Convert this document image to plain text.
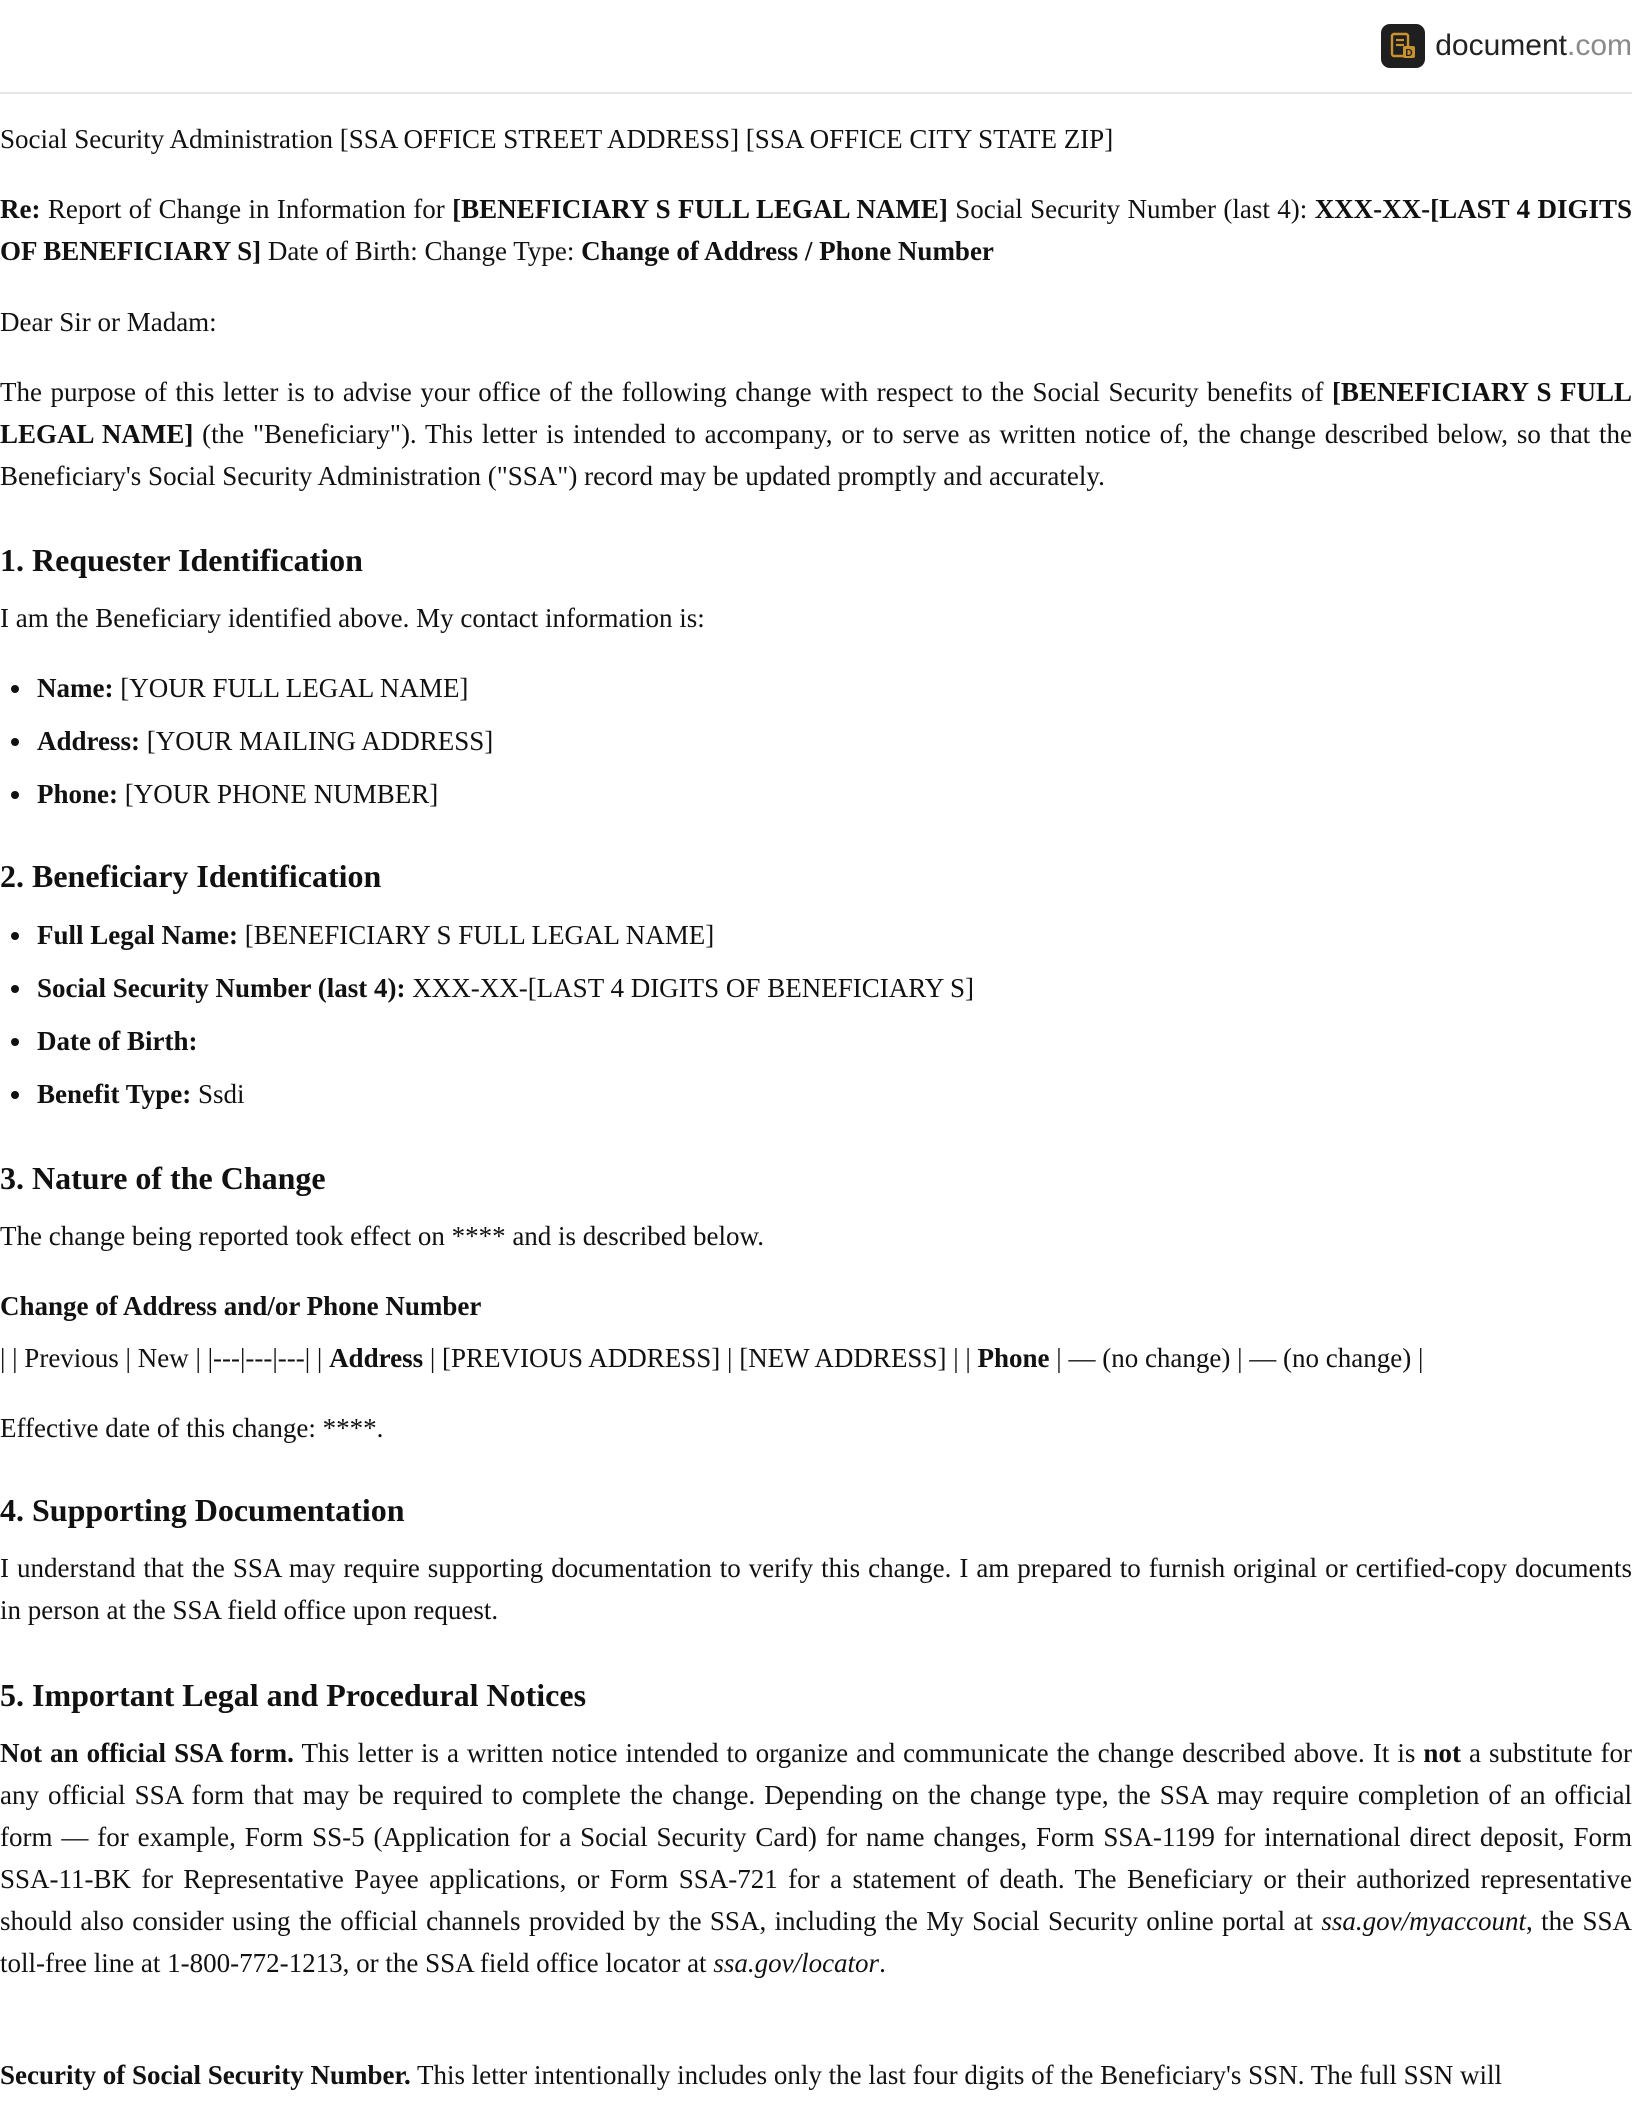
D document.com

Social Security Administration [SSA OFFICE STREET ADDRESS] [SSA OFFICE CITY STATE ZIP]

Re: Report of Change in Information for [BENEFICIARY S FULL LEGAL NAME] Social Security Number (last 4): XXX-XX-[LAST 4 DIGITS OF BENEFICIARY S] Date of Birth: Change Type: Change of Address / Phone Number

Dear Sir or Madam:

The purpose of this letter is to advise your office of the following change with respect to the Social Security benefits of [BENEFICIARY S FULL LEGAL NAME] (the "Beneficiary"). This letter is intended to accompany, or to serve as written notice of, the change described below, so that the Beneficiary's Social Security Administration ("SSA") record may be updated promptly and accurately.

1. Requester Identification

I am the Beneficiary identified above. My contact information is:

Name: [YOUR FULL LEGAL NAME]
Address: [YOUR MAILING ADDRESS]
Phone: [YOUR PHONE NUMBER]
2. Beneficiary Identification
Full Legal Name: [BENEFICIARY S FULL LEGAL NAME]
Social Security Number (last 4): XXX-XX-[LAST 4 DIGITS OF BENEFICIARY S]
Date of Birth:
Benefit Type: Ssdi
3. Nature of the Change

The change being reported took effect on **** and is described below.

Change of Address and/or Phone Number

| | Previous | New | |---|---|---| | Address | [PREVIOUS ADDRESS] | [NEW ADDRESS] | | Phone | — (no change) | — (no change) |

Effective date of this change: ****.

4. Supporting Documentation

I understand that the SSA may require supporting documentation to verify this change. I am prepared to furnish original or certified-copy documents in person at the SSA field office upon request.

5. Important Legal and Procedural Notices

Not an official SSA form. This letter is a written notice intended to organize and communicate the change described above. It is not a substitute for any official SSA form that may be required to complete the change. Depending on the change type, the SSA may require completion of an official form — for example, Form SS-5 (Application for a Social Security Card) for name changes, Form SSA-1199 for international direct deposit, Form SSA-11-BK for Representative Payee applications, or Form SSA-721 for a statement of death. The Beneficiary or their authorized representative should also consider using the official channels provided by the SSA, including the My Social Security online portal at ssa.gov/myaccount, the SSA toll-free line at 1-800-772-1213, or the SSA field office locator at ssa.gov/locator.

Security of Social Security Number. This letter intentionally includes only the last four digits of the Beneficiary's SSN. The full SSN will
